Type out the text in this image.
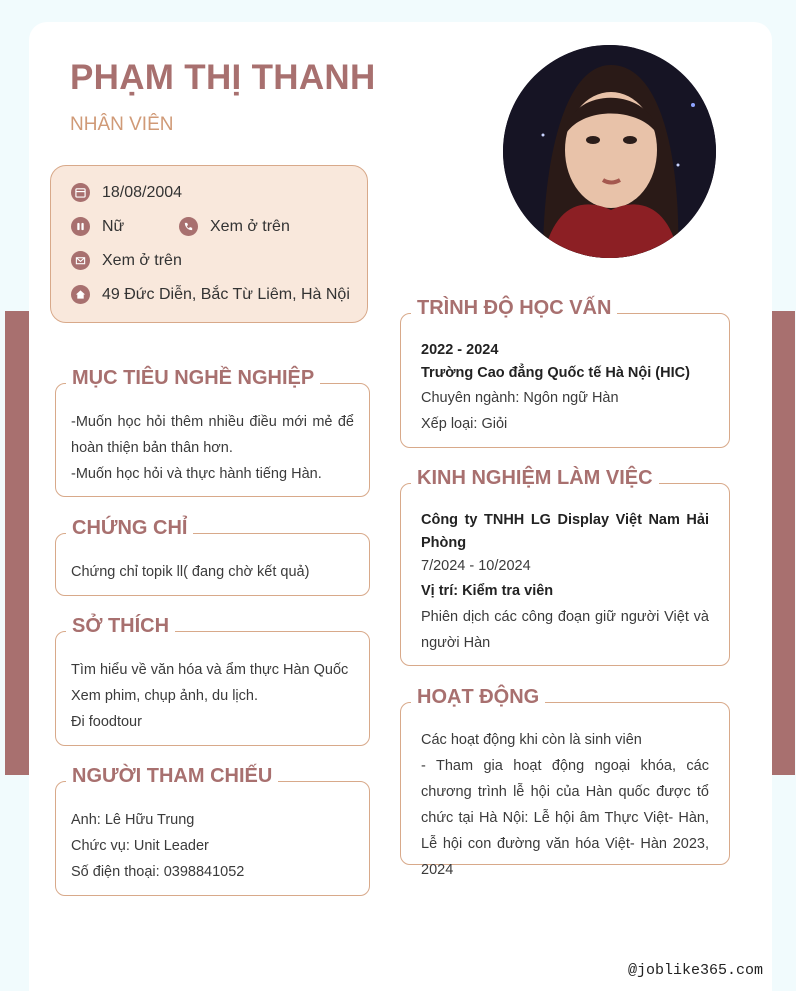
PHẠM THỊ THANH
NHÂN VIÊN
18/08/2004
Nữ	Xem ở trên
Xem ở trên
49 Đức Diễn, Bắc Từ Liêm, Hà Nội
MỤC TIÊU NGHỀ NGHIỆP
-Muốn học hỏi thêm nhiều điều mới mẻ để hoàn thiện bản thân hơn.
-Muốn học hỏi và thực hành tiếng Hàn.
CHỨNG CHỈ
Chứng chỉ topik ll( đang chờ kết quả)
SỞ THÍCH
Tìm hiểu về văn hóa và ẩm thực Hàn Quốc
Xem phim, chụp ảnh, du lịch.
Đi foodtour
NGƯỜI THAM CHIẾU
Anh: Lê Hữu Trung
Chức vụ: Unit Leader
Số điện thoại: 0398841052
TRÌNH ĐỘ HỌC VẤN
2022 - 2024
Trường Cao đẳng Quốc tế Hà Nội (HIC)
Chuyên ngành: Ngôn ngữ Hàn
Xếp loại: Giỏi
KINH NGHIỆM LÀM VIỆC
Công ty TNHH LG Display Việt Nam Hải Phòng
7/2024 - 10/2024
Vị trí: Kiểm tra viên
Phiên dịch các công đoạn giữ người Việt và người Hàn
HOẠT ĐỘNG
Các hoạt động khi còn là sinh viên
- Tham gia hoạt động ngoại khóa, các chương trình lễ hội của Hàn quốc được tổ chức tại Hà Nội: Lễ hội âm Thực Việt- Hàn, Lễ hội con đường văn hóa Việt- Hàn 2023, 2024
@joblike365.com
